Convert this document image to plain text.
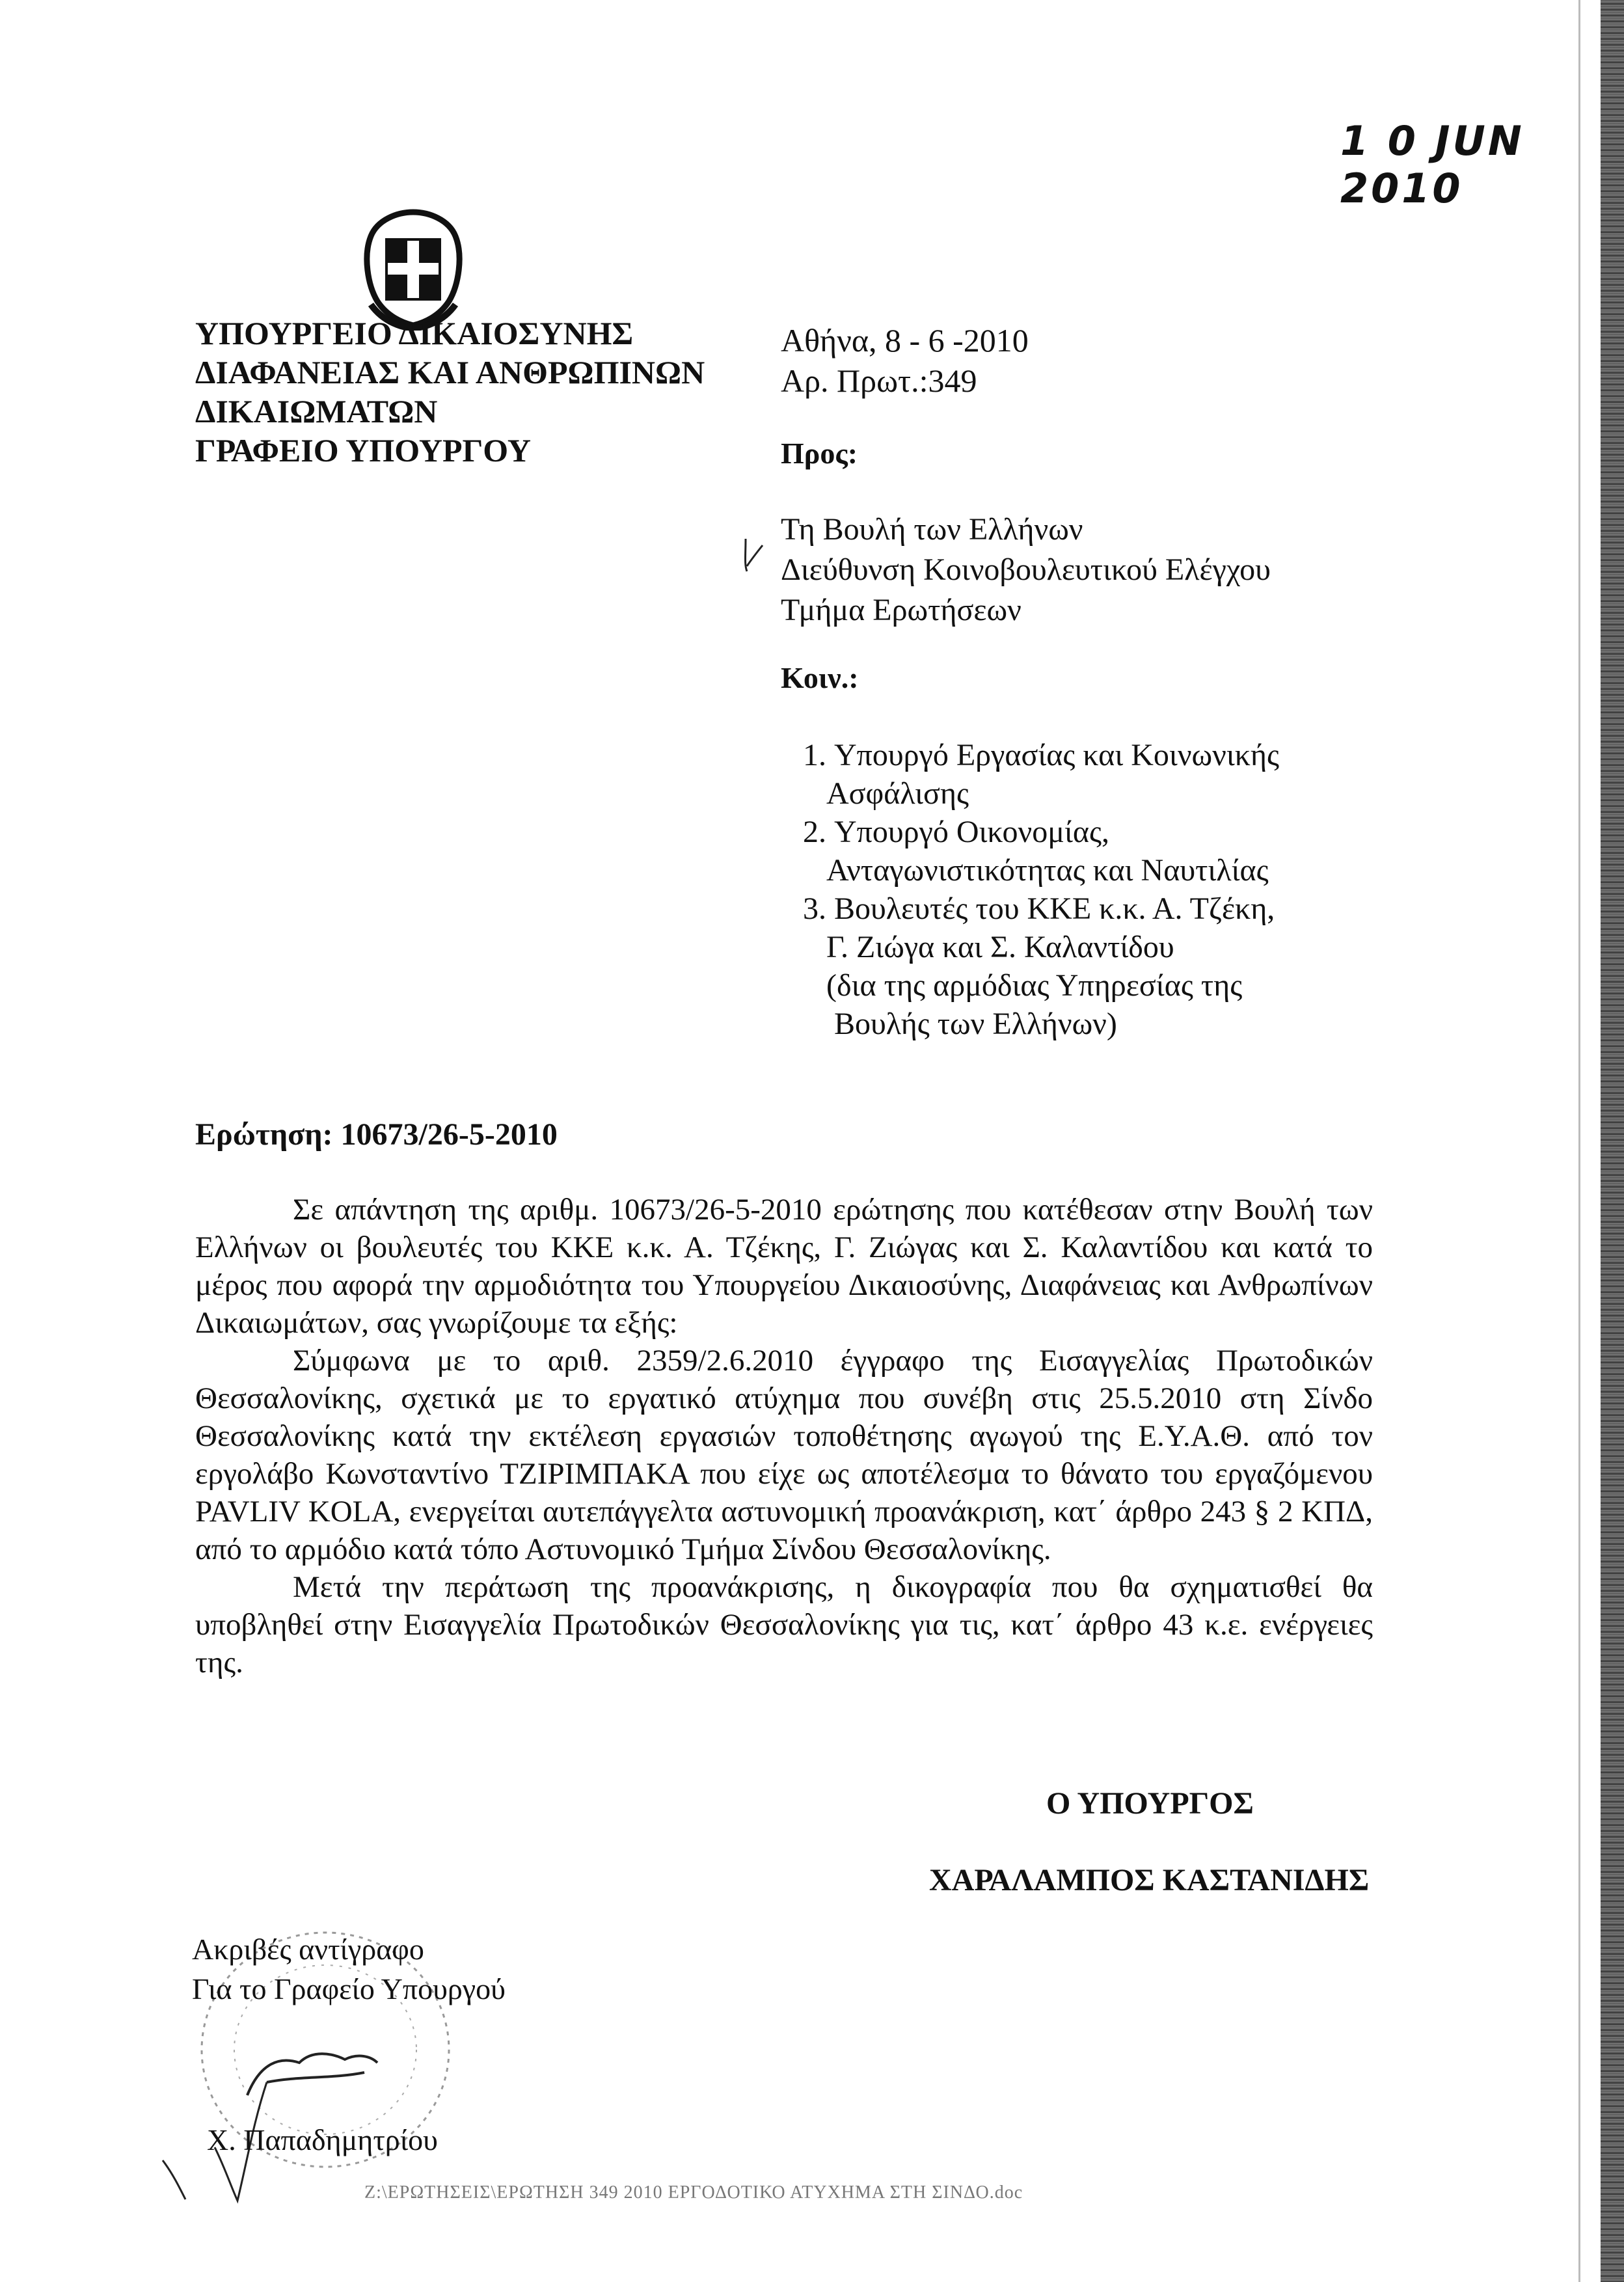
1 0 JUN 2010
ΥΠΟΥΡΓΕΙΟ ΔΙΚΑΙΟΣΥΝΗΣ
ΔΙΑΦΑΝΕΙΑΣ ΚΑΙ ΑΝΘΡΩΠΙΝΩΝ
ΔΙΚΑΙΩΜΑΤΩΝ
ΓΡΑΦΕΙΟ ΥΠΟΥΡΓΟΥ
Αθήνα, 8 - 6 -2010
Αρ. Πρωτ.:349
Προς:
Τη Βουλή των Ελλήνων
Διεύθυνση Κοινοβουλευτικού Ελέγχου
Τμήμα Ερωτήσεων
Κοιν.:
1. Υπουργό Εργασίας και Κοινωνικής
Ασφάλισης
2. Υπουργό Οικονομίας,
Ανταγωνιστικότητας και Ναυτιλίας
3. Βουλευτές του ΚΚΕ κ.κ. Α. Τζέκη,
Γ. Ζιώγα και Σ. Καλαντίδου
(δια της αρμόδιας Υπηρεσίας της
Βουλής των Ελλήνων)
Ερώτηση: 10673/26-5-2010

Σε απάντηση της αριθμ. 10673/26-5-2010 ερώτησης που κατέθεσαν στην Βουλή των Ελλήνων οι βουλευτές του ΚΚΕ κ.κ. Α. Τζέκης, Γ. Ζιώγας και Σ. Καλαντίδου και κατά το μέρος που αφορά την αρμοδιότητα του Υπουργείου Δικαιοσύνης, Διαφάνειας και Ανθρωπίνων Δικαιωμάτων, σας γνωρίζουμε τα εξής:

Σύμφωνα με το αριθ. 2359/2.6.2010 έγγραφο της Εισαγγελίας Πρωτοδικών Θεσσαλονίκης, σχετικά με το εργατικό ατύχημα που συνέβη στις 25.5.2010 στη Σίνδο Θεσσαλονίκης κατά την εκτέλεση εργασιών τοποθέτησης αγωγού της Ε.Υ.Α.Θ. από τον εργολάβο Κωνσταντίνο ΤΖΙΡΙΜΠΑΚΑ που είχε ως αποτέλεσμα το θάνατο του εργαζόμενου PAVLIV KOLA, ενεργείται αυτεπάγγελτα αστυνομική προανάκριση, κατ΄ άρθρο 243 § 2 ΚΠΔ, από το αρμόδιο κατά τόπο Αστυνομικό Τμήμα Σίνδου Θεσσαλονίκης.

Μετά την περάτωση της προανάκρισης, η δικογραφία που θα σχηματισθεί θα υποβληθεί στην Εισαγγελία Πρωτοδικών Θεσσαλονίκης για τις, κατ΄ άρθρο 43 κ.ε. ενέργειες της.

Ο ΥΠΟΥΡΓΟΣ
ΧΑΡΑΛΑΜΠΟΣ ΚΑΣΤΑΝΙΔΗΣ
Ακριβές αντίγραφο
Για το Γραφείο Υπουργού
Χ. Παπαδημητρίου
Ζ:\ΕΡΩΤΗΣΕΙΣ\ΕΡΩΤΗΣΗ 349 2010 ΕΡΓΟΔΟΤΙΚΟ ΑΤΥΧΗΜΑ ΣΤΗ ΣΙΝΔΟ.doc
